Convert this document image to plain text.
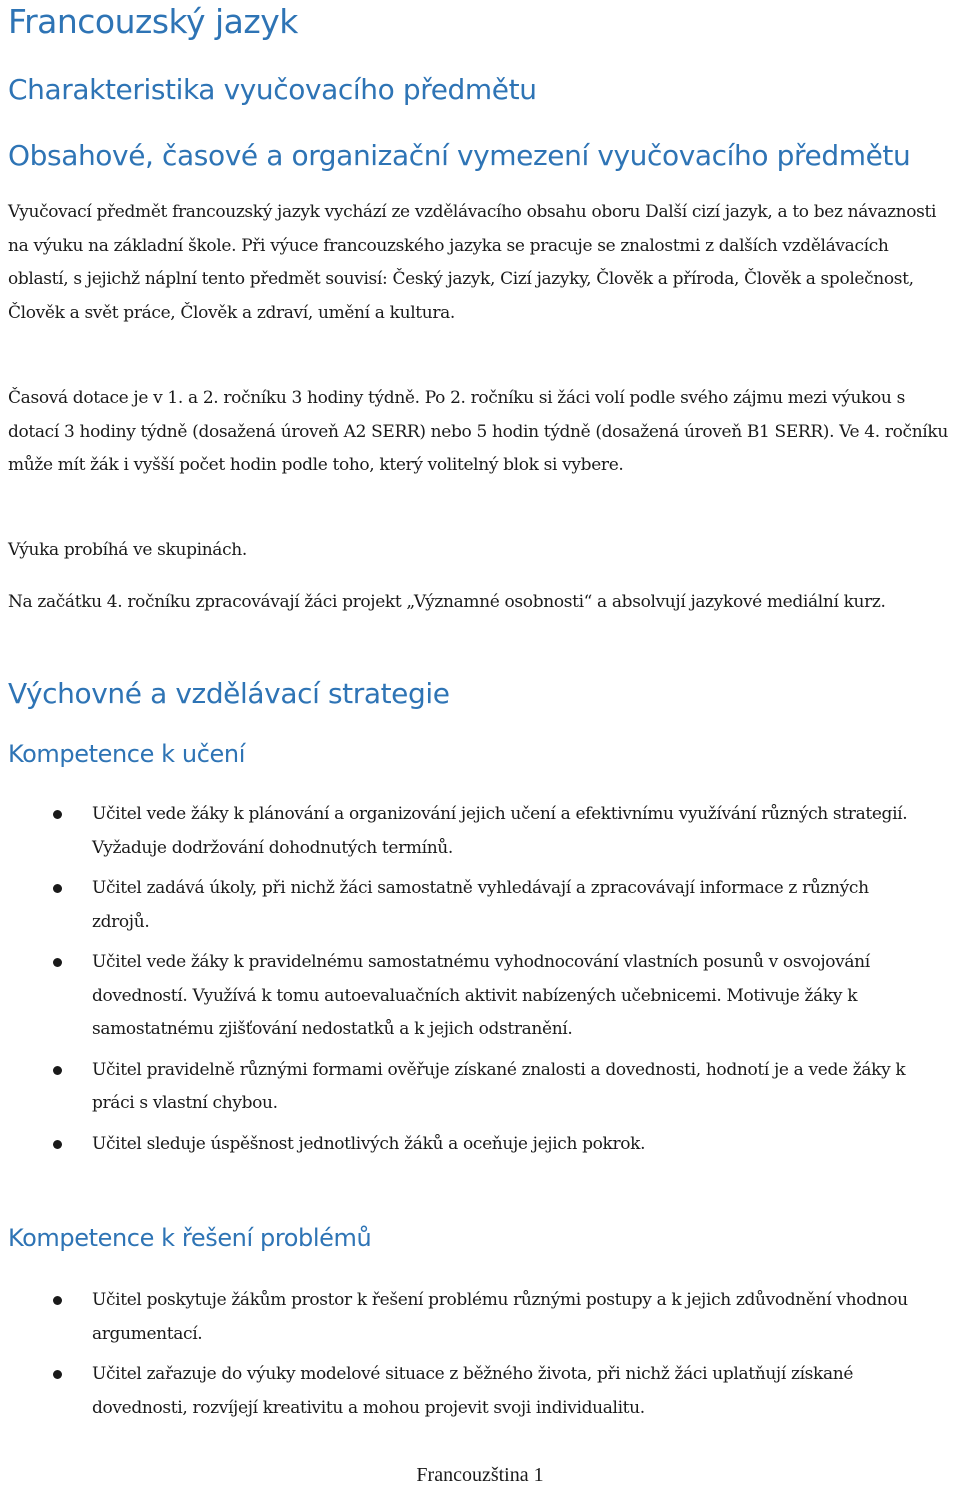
Francouzský jazyk
Charakteristika vyučovacího předmětu
Obsahové, časové a organizační vymezení vyučovacího předmětu

Vyučovací předmět francouzský jazyk vychází ze vzdělávacího obsahu oboru Další cizí jazyk, a to bez návaznosti na výuku na základní škole. Při výuce francouzského jazyka se pracuje se znalostmi z dalších vzdělávacích oblastí, s jejichž náplní tento předmět souvisí: Český jazyk, Cizí jazyky, Člověk a příroda, Člověk a společnost, Člověk a svět práce, Člověk a zdraví, umění a kultura.

Časová dotace je v 1. a 2. ročníku 3 hodiny týdně. Po 2. ročníku si žáci volí podle svého zájmu mezi výukou s dotací 3 hodiny týdně (dosažená úroveň A2 SERR) nebo 5 hodin týdně (dosažená úroveň B1 SERR). Ve 4. ročníku může mít žák i vyšší počet hodin podle toho, který volitelný blok si vybere.

Výuka probíhá ve skupinách.

Na začátku 4. ročníku zpracovávají žáci projekt „Významné osobnosti“ a absolvují jazykové mediální kurz.

Výchovné a vzdělávací strategie
Kompetence k učení
Učitel vede žáky k plánování a organizování jejich učení a efektivnímu využívání různých strategií. Vyžaduje dodržování dohodnutých termínů.
Učitel zadává úkoly, při nichž žáci samostatně vyhledávají a zpracovávají informace z různých zdrojů.
Učitel vede žáky k pravidelnému samostatnému vyhodnocování vlastních posunů v osvojování dovedností. Využívá k tomu autoevaluačních aktivit nabízených učebnicemi. Motivuje žáky k samostatnému zjišťování nedostatků a k jejich odstranění.
Učitel pravidelně různými formami ověřuje získané znalosti a dovednosti, hodnotí je a vede žáky k práci s vlastní chybou.
Učitel sleduje úspěšnost jednotlivých žáků a oceňuje jejich pokrok.
Kompetence k řešení problémů
Učitel poskytuje žákům prostor k řešení problému různými postupy a k jejich zdůvodnění vhodnou argumentací.
Učitel zařazuje do výuky modelové situace z běžného života, při nichž žáci uplatňují získané dovednosti, rozvíjejí kreativitu a mohou projevit svoji individualitu.
Francouzština 1
